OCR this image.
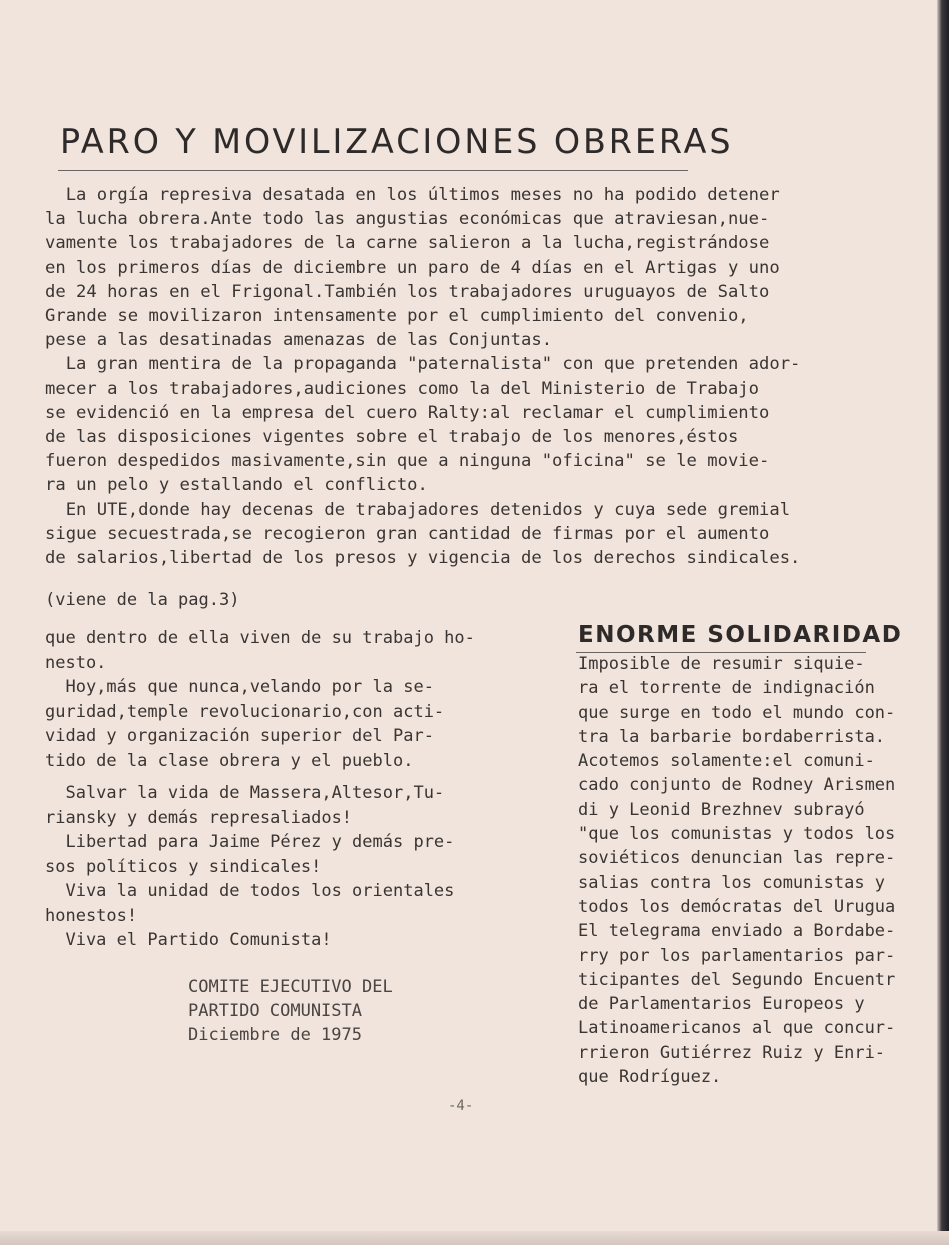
PARO Y MOVILIZACIONES OBRERAS

La orgía represiva desatada en los últimos meses no ha podido detener

la lucha obrera.Ante todo las angustias económicas que atraviesan,nue-

vamente los trabajadores de la carne salieron a la lucha,registrándose

en los primeros días de diciembre un paro de 4 días en el Artigas y uno

de 24 horas en el Frigonal.También los trabajadores uruguayos de Salto

Grande se movilizaron intensamente por el cumplimiento del convenio,

pese a las desatinadas amenazas de las Conjuntas.

La gran mentira de la propaganda "paternalista" con que pretenden ador-

mecer a los trabajadores,audiciones como la del Ministerio de Trabajo

se evidenció en la empresa del cuero Ralty:al reclamar el cumplimiento

de las disposiciones vigentes sobre el trabajo de los menores,éstos

fueron despedidos masivamente,sin que a ninguna "oficina" se le movie-

ra un pelo y estallando el conflicto.

En UTE,donde hay decenas de trabajadores detenidos y cuya sede gremial

sigue secuestrada,se recogieron gran cantidad de firmas por el aumento

de salarios,libertad de los presos y vigencia de los derechos sindicales.

(viene de la pag.3)

que dentro de ella viven de su trabajo ho-

nesto.

Hoy,más que nunca,velando por la se-

guridad,temple revolucionario,con acti-

vidad y organización superior del Par-

tido de la clase obrera y el pueblo.

Salvar la vida de Massera,Altesor,Tu-

riansky y demás represaliados!

Libertad para Jaime Pérez y demás pre-

sos políticos y sindicales!

Viva la unidad de todos los orientales

honestos!

Viva el Partido Comunista!

COMITE EJECUTIVO DEL
PARTIDO COMUNISTA
Diciembre de 1975
ENORME SOLIDARIDAD

Imposible de resumir siquie-

ra el torrente de indignación

que surge en todo el mundo con-

tra la barbarie bordaberrista.

Acotemos solamente:el comuni-

cado conjunto de Rodney Arismen

di y Leonid Brezhnev subrayó

"que los comunistas y todos los

soviéticos denuncian las repre-

salias contra los comunistas y

todos los demócratas del Urugua

El telegrama enviado a Bordabe-

rry por los parlamentarios par-

ticipantes del Segundo Encuentr

de Parlamentarios Europeos y

Latinoamericanos al que concur-

rrieron Gutiérrez Ruiz y Enri-

que Rodríguez.

-4-
